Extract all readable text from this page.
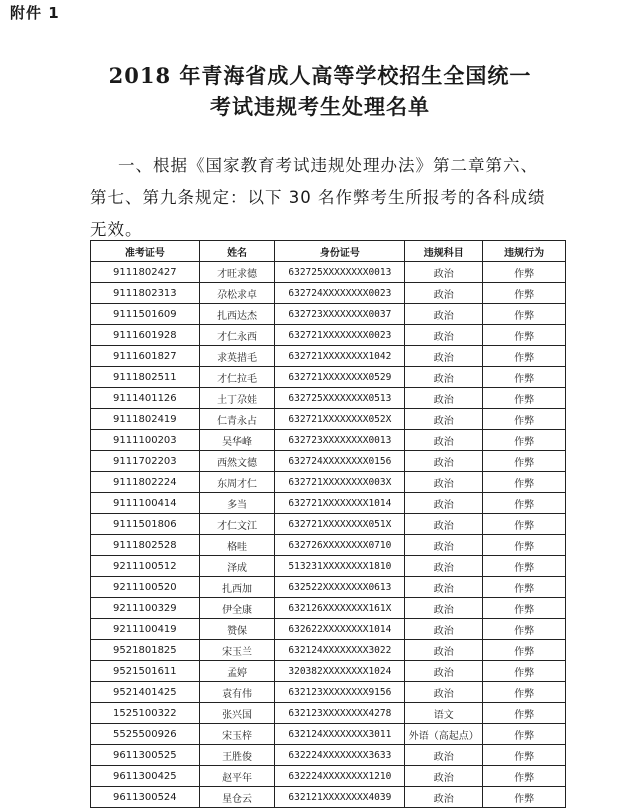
附件 1
2018 年青海省成人高等学校招生全国统一
考试违规考生处理名单
一、根据《国家教育考试违规处理办法》第二章第六、
第七、第九条规定：以下 30 名作弊考生所报考的各科成绩
无效。
准考证号	姓名	身份证号	违规科目	违规行为
9111802427	才旺求德	632725XXXXXXXX0013	政治	作弊
9111802313	尕松求卓	632724XXXXXXXX0023	政治	作弊
9111501609	扎西达杰	632723XXXXXXXX0037	政治	作弊
9111601928	才仁永西	632721XXXXXXXX0023	政治	作弊
9111601827	求英措毛	632721XXXXXXXX1042	政治	作弊
9111802511	才仁拉毛	632721XXXXXXXX0529	政治	作弊
9111401126	土丁尕娃	632725XXXXXXXX0513	政治	作弊
9111802419	仁青永占	632721XXXXXXXX052X	政治	作弊
9111100203	吴华峰	632723XXXXXXXX0013	政治	作弊
9111702203	西然文德	632724XXXXXXXX0156	政治	作弊
9111802224	东周才仁	632721XXXXXXXX003X	政治	作弊
9111100414	多当	632721XXXXXXXX1014	政治	作弊
9111501806	才仁文江	632721XXXXXXXX051X	政治	作弊
9111802528	格哇	632726XXXXXXXX0710	政治	作弊
9211100512	泽成	513231XXXXXXXX1810	政治	作弊
9211100520	扎西加	632522XXXXXXXX0613	政治	作弊
9211100329	伊全康	632126XXXXXXXX161X	政治	作弊
9211100419	赞保	632622XXXXXXXX1014	政治	作弊
9521801825	宋玉兰	632124XXXXXXXX3022	政治	作弊
9521501611	孟婷	320382XXXXXXXX1024	政治	作弊
9521401425	袁有伟	632123XXXXXXXX9156	政治	作弊
1525100322	张兴国	632123XXXXXXXX4278	语文	作弊
5525500926	宋玉梓	632124XXXXXXXX3011	外语（高起点）	作弊
9611300525	王胜俊	632224XXXXXXXX3633	政治	作弊
9611300425	赵平年	632224XXXXXXXX1210	政治	作弊
9611300524	星仓云	632121XXXXXXXX4039	政治	作弊
